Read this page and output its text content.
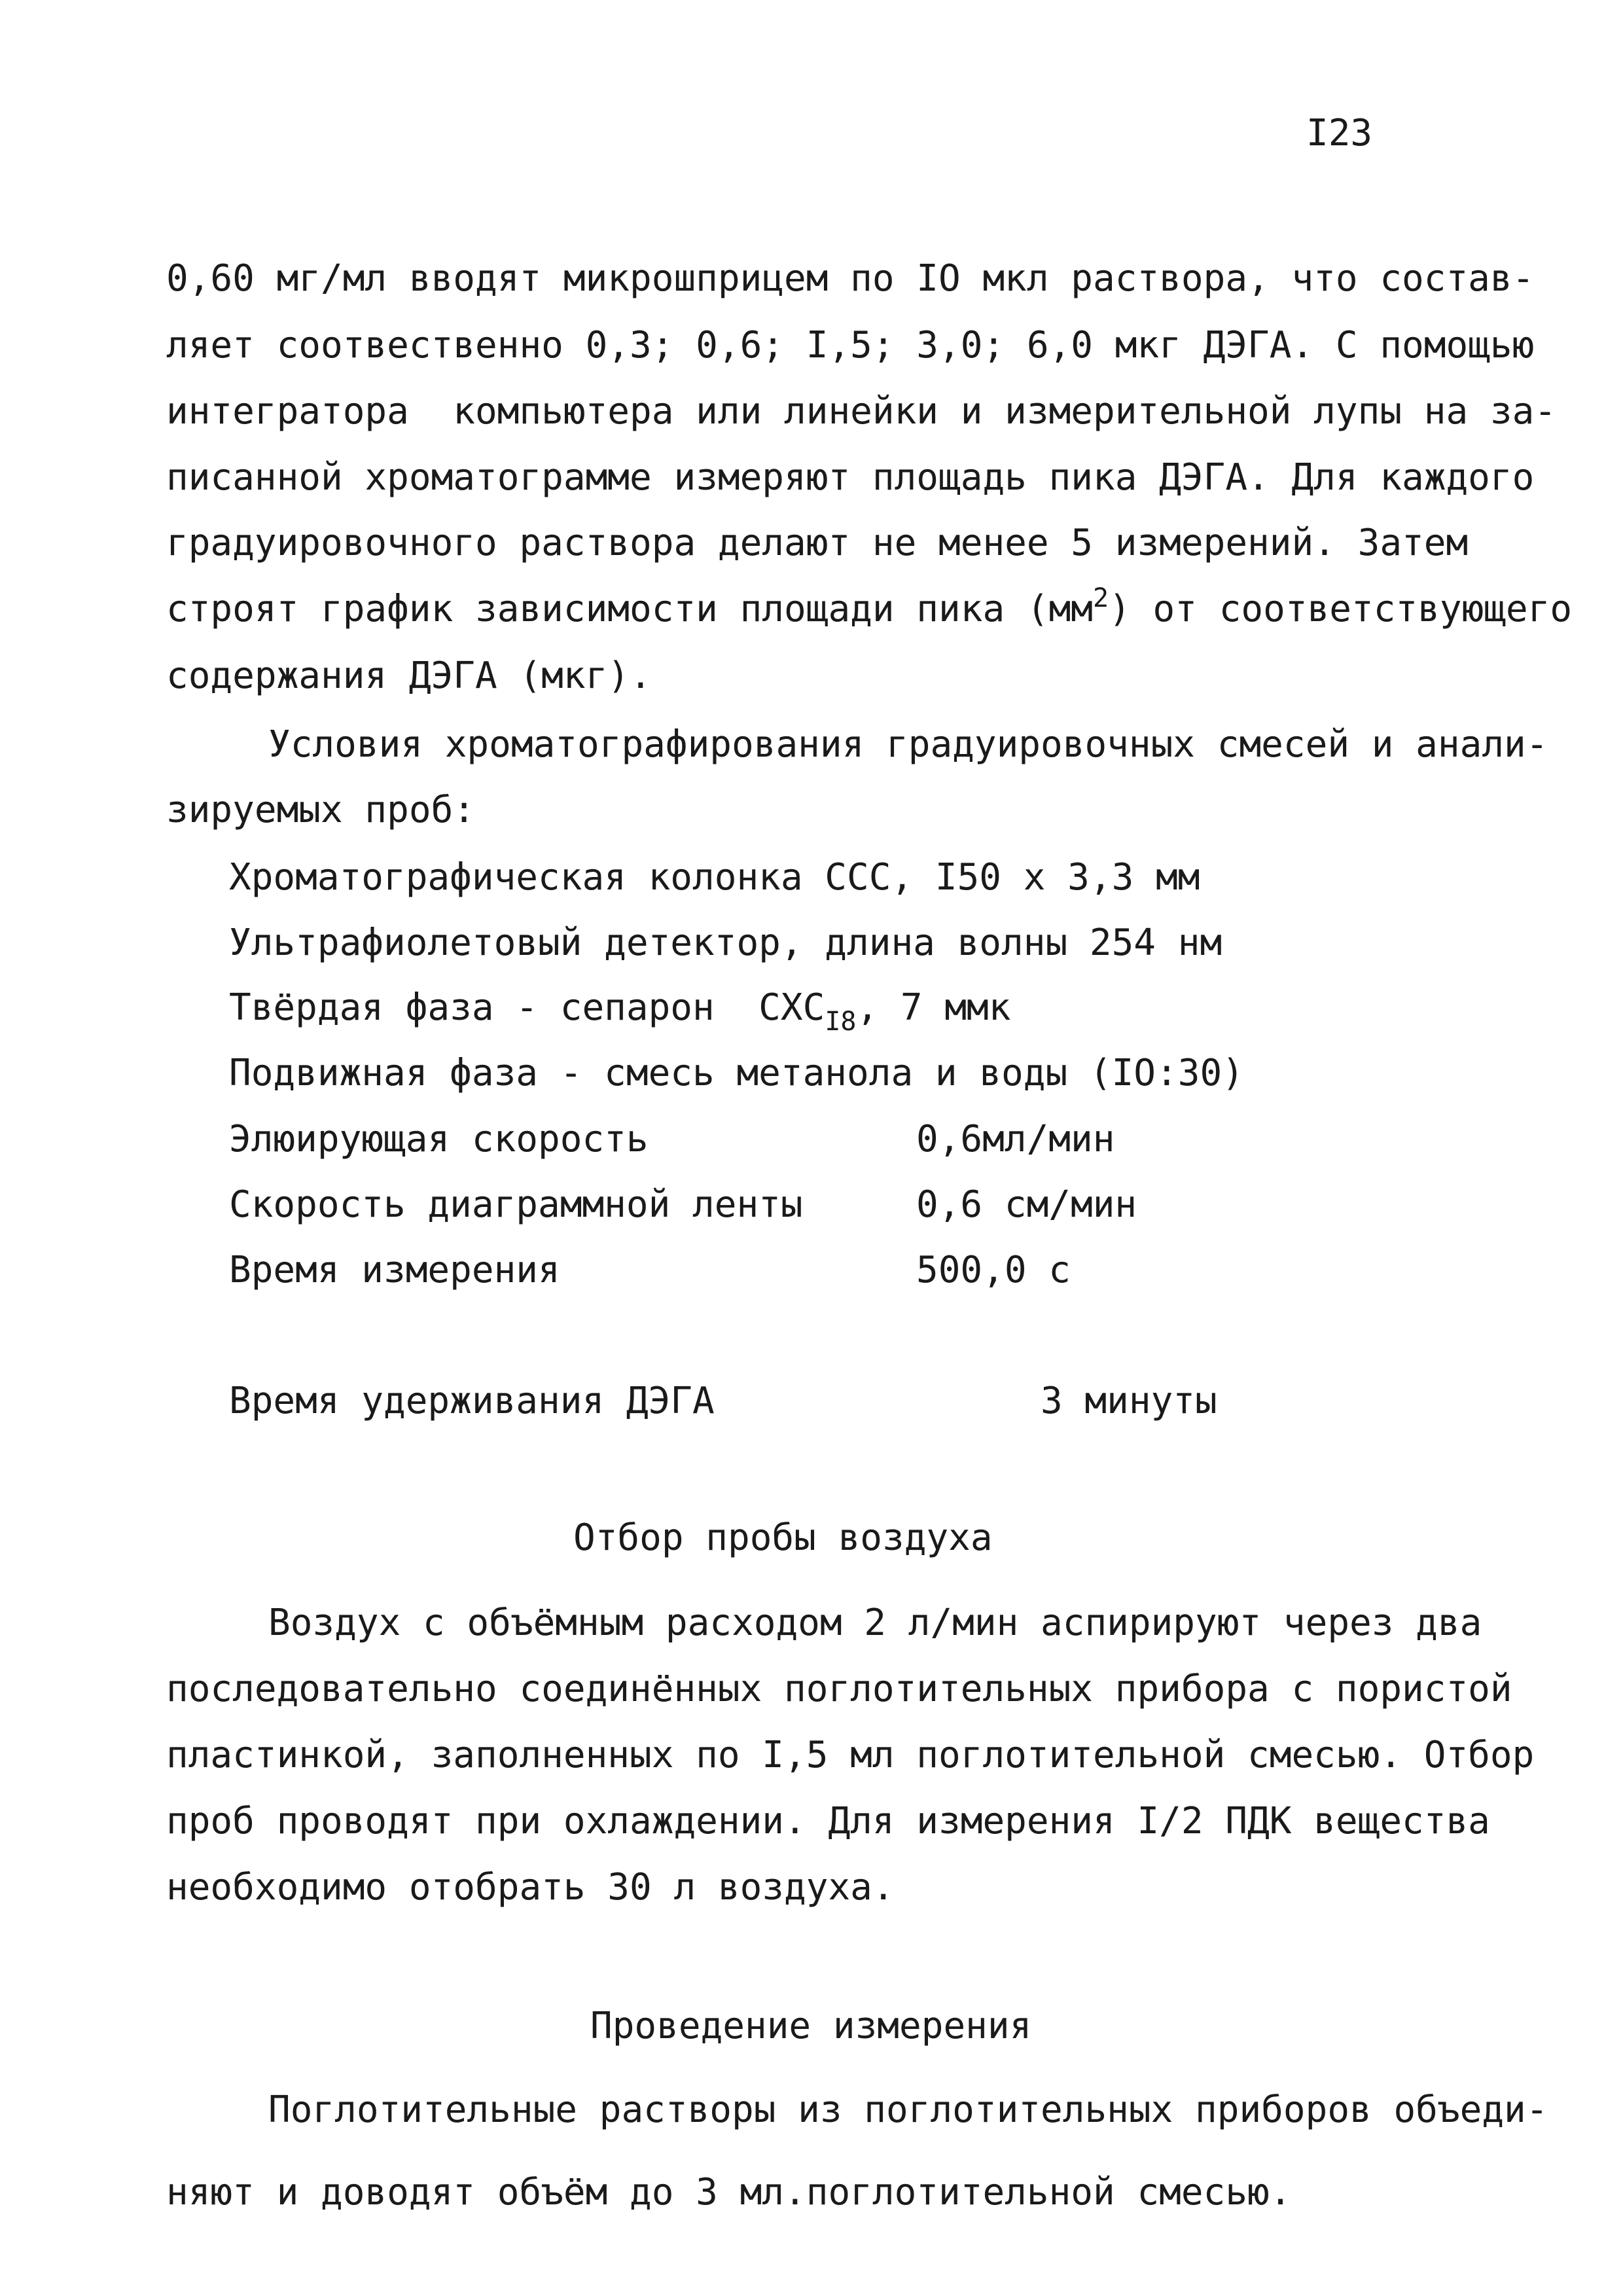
I23
0,60 мг/мл вводят микрошприцем по IO мкл раствора, что состав-
ляет соотвественно 0,3; 0,6; I,5; 3,0; 6,0 мкг ДЭГА. С помощью
интегратора  компьютера или линейки и измерительной лупы на за-
писанной хроматограмме измеряют площадь пика ДЭГА. Для каждого
градуировочного раствора делают не менее 5 измерений. Затем
строят график зависимости площади пика $(мм^2)$ от соответствующего
содержания ДЭГА (мкг).
Условия хроматографирования градуировочных смесей и анали-
зируемых проб:
Хроматографическая колонка ССС, I50 х 3,3 мм
Ультрафиолетовый детектор, длина волны 254 нм
Твёрдая фаза - сепарон  $СХС_{I8}$, 7 ммк
Подвижная фаза - смесь метанола и воды (IO:30)
Элюирующая скорость	0,6мл/мин
Скорость диаграммной ленты	0,6 см/мин
Время измерения	500,0 с
Время удерживания ДЭГА	3 минуты
Отбор пробы воздуха
Воздух с объёмным расходом 2 л/мин аспирируют через два
последовательно соединённых поглотительных прибора с пористой
пластинкой, заполненных по I,5 мл поглотительной смесью. Отбор
проб проводят при охлаждении. Для измерения I/2 ПДК вещества
необходимо отобрать 30 л воздуха.
Проведение измерения
Поглотительные растворы из поглотительных приборов объеди-
няют и доводят объём до 3 мл.поглотительной смесью.
